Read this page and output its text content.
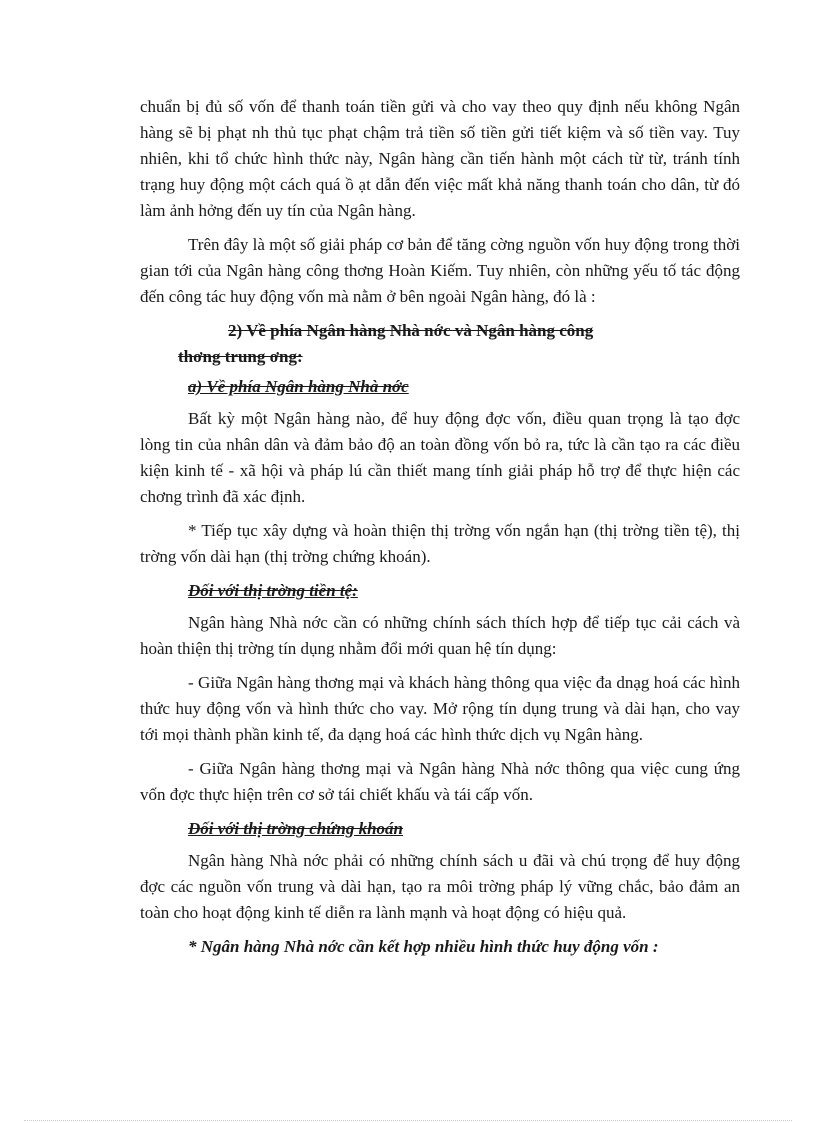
chuẩn bị đủ số vốn để thanh toán tiền gửi và cho vay theo quy định nếu không Ngân hàng sẽ bị phạt nh thủ tục phạt chậm trả tiền số tiền gửi tiết kiệm và số tiền vay. Tuy nhiên, khi tổ chức hình thức này, Ngân hàng cần tiến hành một cách từ từ, tránh tính trạng huy động một cách quá ồ ạt dẫn đến việc mất khả năng thanh toán cho dân, từ đó làm ảnh hởng đến uy tín của Ngân hàng.

Trên đây là một số giải pháp cơ bản để tăng cờng nguồn vốn huy động trong thời gian tới của Ngân hàng công thơng Hoàn Kiếm. Tuy nhiên, còn những yếu tố tác động đến công tác huy động vốn mà nằm ở bên ngoài Ngân hàng, đó là :

2) Về phía Ngân hàng Nhà nớc và Ngân hàng công
thơng trung ơng:
a) Về phía Ngân hàng Nhà nớc

Bất kỳ một Ngân hàng nào, để huy động đợc vốn, điều quan trọng là tạo đợc lòng tin của nhân dân và đảm bảo độ an toàn đồng vốn bỏ ra, tức là cần tạo ra các điều kiện kinh tế - xã hội và pháp lú cần thiết mang tính giải pháp hỗ trợ để thực hiện các chơng trình đã xác định.

* Tiếp tục xây dựng và hoàn thiện thị trờng vốn ngắn hạn (thị trờng tiền tệ), thị trờng vốn dài hạn (thị trờng chứng khoán).

Đối với thị trờng tiền tệ:

Ngân hàng Nhà nớc cần có những chính sách thích hợp để tiếp tục cải cách và hoàn thiện thị trờng tín dụng nhằm đổi mới quan hệ tín dụng:

- Giữa Ngân hàng thơng mại và khách hàng thông qua việc đa dnạg hoá các hình thức huy động vốn và hình thức cho vay. Mở rộng tín dụng trung và dài hạn, cho vay tới mọi thành phần kinh tế, đa dạng hoá các hình thức dịch vụ Ngân hàng.

- Giữa Ngân hàng thơng mại và Ngân hàng Nhà nớc thông qua việc cung ứng vốn đợc thực hiện trên cơ sở tái chiết khấu và tái cấp vốn.

Đối với thị trờng chứng khoán

Ngân hàng Nhà nớc phải có những chính sách u đãi và chú trọng để huy động đợc các nguồn vốn trung và dài hạn, tạo ra môi trờng pháp lý vững chắc, bảo đảm an toàn cho hoạt động kinh tế diễn ra lành mạnh và hoạt động có hiệu quả.

* Ngân hàng Nhà nớc cần kết hợp nhiều hình thức huy động vốn :
